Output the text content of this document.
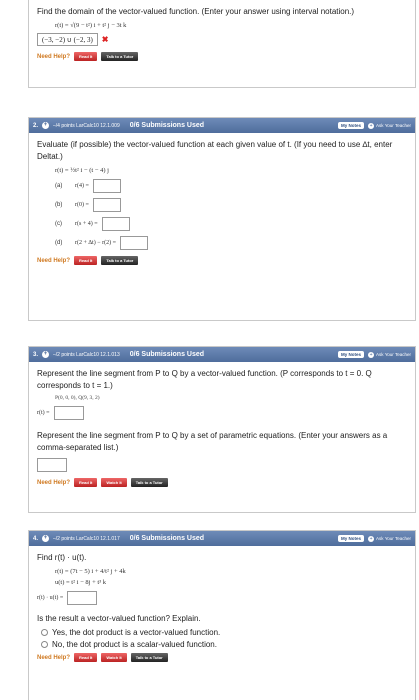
Find the domain of the vector-valued function. (Enter your answer using interval notation.)
r(t) = √(9 − t²) i + t² j − 3t k
(−3, −2) ∪ (−2, 3)	✖
Need Help?	Read It	Talk to a Tutor
2. +	–/4 points LarCalc10 12.1.009 0/6 Submissions Used	My Notes	+ Ask Your Teacher
Evaluate (if possible) the vector-valued function at each given value of t. (If you need to use ∆t, enter Deltat.)
r(t) = ½t² i − (t − 4) j
(a)	r(4) =
(b)	r(0) =
(c)	r(s + 4) =
(d)	r(2 + ∆t) − r(2) =
Need Help?	Read It	Talk to a Tutor
3. +	–/2 points LarCalc10 12.1.013 0/6 Submissions Used	My Notes	+ Ask Your Teacher
Represent the line segment from P to Q by a vector-valued function. (P corresponds to t = 0. Q corresponds to t = 1.)
P(0, 0, 0), Q(9, 3, 2)
r(t) =
Represent the line segment from P to Q by a set of parametric equations. (Enter your answers as a comma-separated list.)
Need Help?	Read It	Watch It	Talk to a Tutor
4. +	–/2 points LarCalc10 12.1.017 0/6 Submissions Used	My Notes	+ Ask Your Teacher
Find r(t) · u(t).
r(t) = (7t − 5) i + 4/t² j + 4k
u(t) = t² i − 8j + t³ k
r(t) · u(t) =
Is the result a vector-valued function? Explain.
Yes, the dot product is a vector-valued function.
No, the dot product is a scalar-valued function.
Need Help?	Read It	Watch It	Talk to a Tutor
